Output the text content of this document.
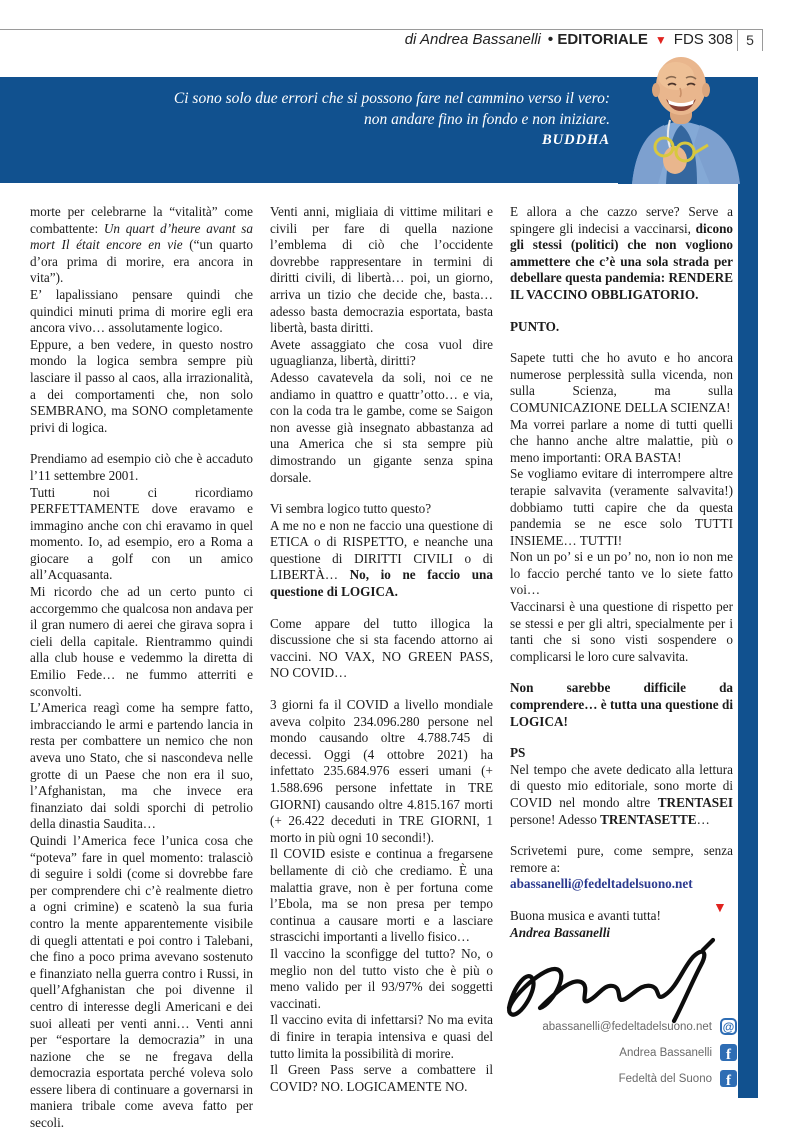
di Andrea Bassanelli • EDITORIALE ▼ FDS 308 5
Ci sono solo due errori che si possono fare nel cammino verso il vero:
non andare fino in fondo e non iniziare.
BUDDHA

morte per celebrarne la “vitalità” come combattente: Un quart d’heure avant sa mort Il était encore en vie (“un quarto d’ora prima di morire, era ancora in vita”).

E’ lapalissiano pensare quindi che quindici minuti prima di morire egli era ancora vivo… assolutamente logico.

Eppure, a ben vedere, in questo nostro mondo la logica sembra sempre più lasciare il passo al caos, alla irrazionalità, a dei comportamenti che, non solo SEMBRANO, ma SONO completamente privi di logica.

Prendiamo ad esempio ciò che è accaduto l’11 settembre 2001.

Tutti noi ci ricordiamo PERFETTAMENTE dove eravamo e immagino anche con chi eravamo in quel momento. Io, ad esempio, ero a Roma a giocare a golf con un amico all’Acquasanta.

Mi ricordo che ad un certo punto ci accorgemmo che qualcosa non andava per il gran numero di aerei che girava sopra i cieli della capitale. Rientrammo quindi alla club house e vedemmo la diretta di Emilio Fede… ne fummo atterriti e sconvolti.

L’America reagì come ha sempre fatto, imbracciando le armi e partendo lancia in resta per combattere un nemico che non aveva uno Stato, che si nascondeva nelle grotte di un Paese che non era il suo, l’Afghanistan, ma che invece era finanziato dai soldi sporchi di petrolio della dinastia Saudita…

Quindi l’America fece l’unica cosa che “poteva” fare in quel momento: tralasciò di seguire i soldi (come si dovrebbe fare per comprendere chi c’è realmente dietro a ogni crimine) e scatenò la sua furia contro la mente apparentemente visibile di quegli attentati e poi contro i Talebani, che fino a poco prima avevano sostenuto e finanziato nella guerra contro i Russi, in quell’Afghanistan che poi divenne il centro di interesse degli Americani e dei suoi alleati per venti anni… Venti anni per “esportare la democrazia” in una nazione che se ne fregava della democrazia esportata perché voleva solo essere libera di continuare a governarsi in maniera tribale come aveva fatto per secoli.

Venti anni, migliaia di vittime militari e civili per fare di quella nazione l’emblema di ciò che l’occidente dovrebbe rappresentare in termini di diritti civili, di libertà… poi, un giorno, arriva un tizio che decide che, basta… adesso basta democrazia esportata, basta libertà, basta diritti.

Avete assaggiato che cosa vuol dire uguaglianza, libertà, diritti?

Adesso cavatevela da soli, noi ce ne andiamo in quattro e quattr’otto… e via, con la coda tra le gambe, come se Saigon non avesse già insegnato abbastanza ad una America che si sta sempre più dimostrando un gigante senza spina dorsale.

Vi sembra logico tutto questo?

A me no e non ne faccio una questione di ETICA o di RISPETTO, e neanche una questione di DIRITTI CIVILI o di LIBERTÀ… No, io ne faccio una questione di LOGICA.

Come appare del tutto illogica la discussione che si sta facendo attorno ai vaccini. NO VAX, NO GREEN PASS, NO COVID…

3 giorni fa il COVID a livello mondiale aveva colpito 234.096.280 persone nel mondo causando oltre 4.788.745 di decessi. Oggi (4 ottobre 2021) ha infettato 235.684.976 esseri umani (+ 1.588.696 persone infettate in TRE GIORNI) causando oltre 4.815.167 morti (+ 26.422 deceduti in TRE GIORNI, 1 morto in più ogni 10 secondi!).

Il COVID esiste e continua a fregarsene bellamente di ciò che crediamo. È una malattia grave, non è per fortuna come l’Ebola, ma se non presa per tempo continua a causare morti e a lasciare strascichi importanti a livello fisico…

Il vaccino la sconfigge del tutto? No, o meglio non del tutto visto che è più o meno valido per il 93/97% dei soggetti vaccinati.

Il vaccino evita di infettarsi? No ma evita di finire in terapia intensiva e quasi del tutto limita la possibilità di morire.

Il Green Pass serve a combattere il COVID? NO. LOGICAMENTE NO.

E allora a che cazzo serve? Serve a spingere gli indecisi a vaccinarsi, dicono gli stessi (politici) che non vogliono ammettere che c’è una sola strada per debellare questa pandemia: RENDERE IL VACCINO OBBLIGATORIO.

PUNTO.

Sapete tutti che ho avuto e ho ancora numerose perplessità sulla vicenda, non sulla Scienza, ma sulla COMUNICAZIONE DELLA SCIENZA!

Ma vorrei parlare a nome di tutti quelli che hanno anche altre malattie, più o meno importanti: ORA BASTA!

Se vogliamo evitare di interrompere altre terapie salvavita (veramente salvavita!) dobbiamo tutti capire che da questa pandemia se ne esce solo TUTTI INSIEME… TUTTI!

Non un po’ si e un po’ no, non io non me lo faccio perché tanto ve lo siete fatto voi…

Vaccinarsi è una questione di rispetto per se stessi e per gli altri, specialmente per i tanti che si sono visti sospendere o complicarsi le loro cure salvavita.

Non sarebbe difficile da comprendere… è tutta una questione di LOGICA!

PS

Nel tempo che avete dedicato alla lettura di questo mio editoriale, sono morte di COVID nel mondo altre TRENTASEI persone! Adesso TRENTASETTE…

Scrivetemi pure, come sempre, senza remore a:

abassanelli@fedeltadelsuono.net

Buona musica e avanti tutta!

Andrea Bassanelli

▼
abassanelli@fedeltadelsuono.net @
Andrea Bassanelli f
Fedeltà del Suono f
